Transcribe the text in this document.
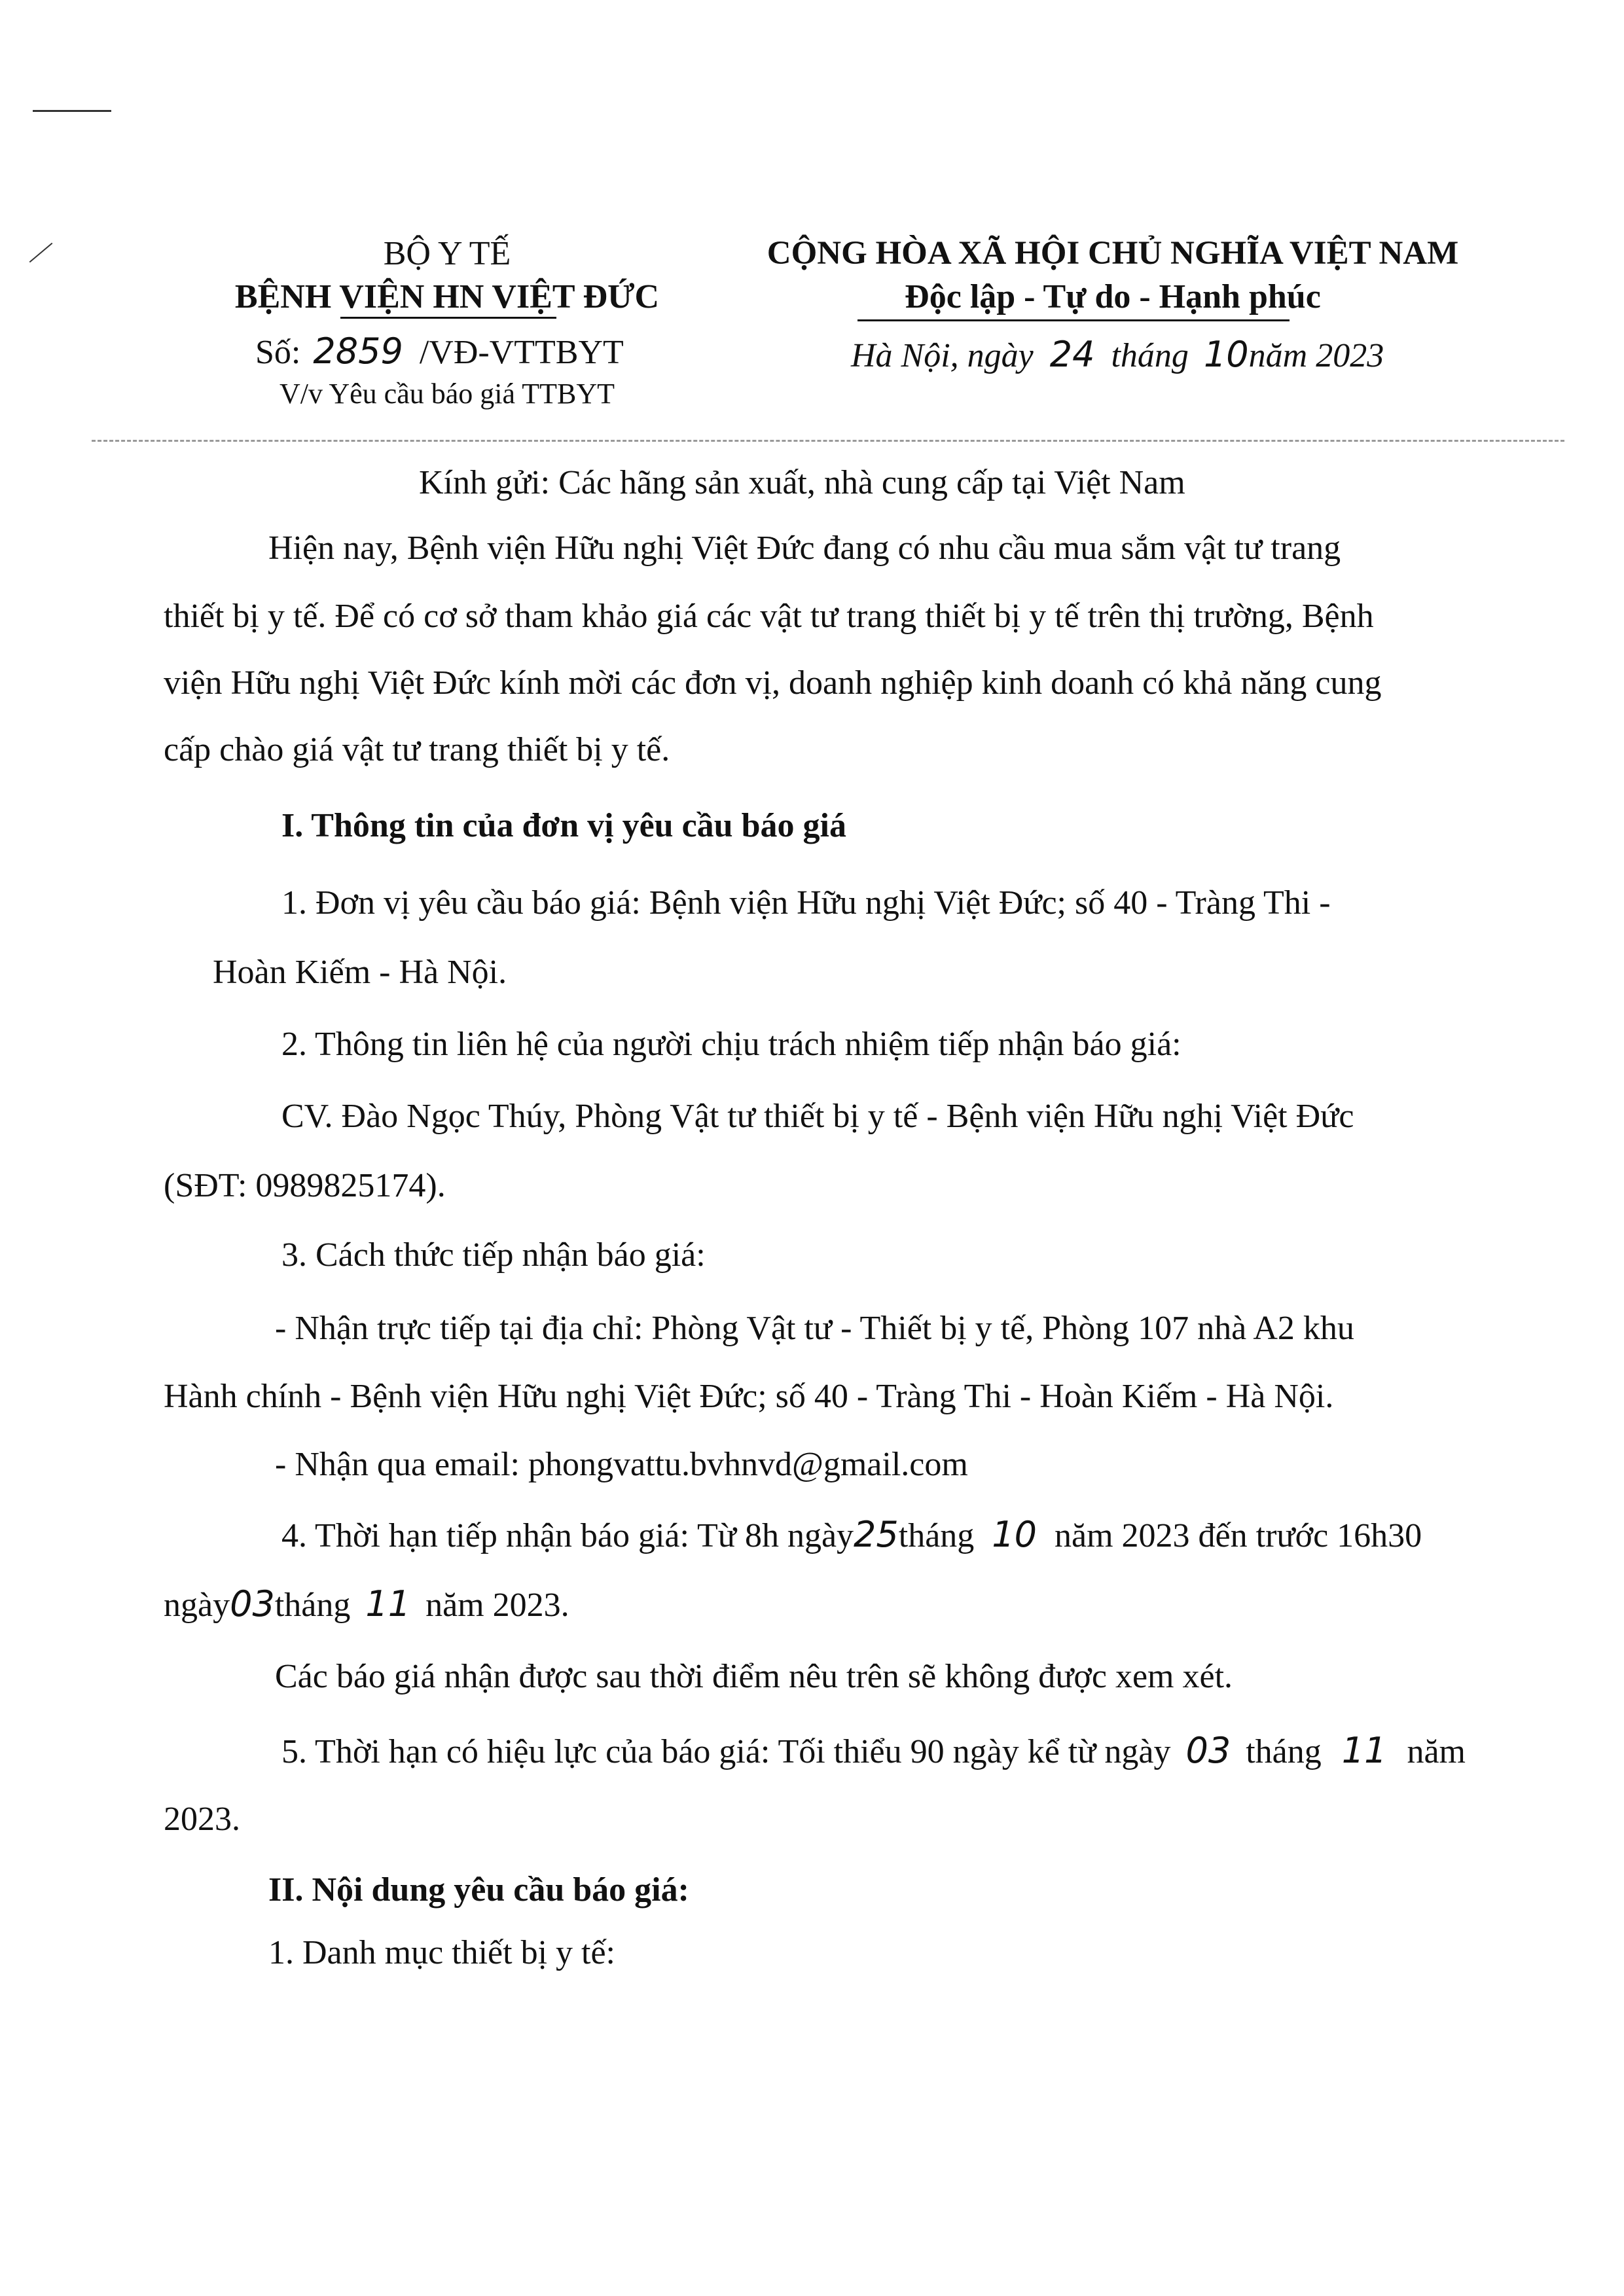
BỘ Y TẾ
BỆNH VIỆN HN VIỆT ĐỨC
Số: 2859 /VĐ-VTTBYT
V/v Yêu cầu báo giá TTBYT
CỘNG HÒA XÃ HỘI CHỦ NGHĨA VIỆT NAM
Độc lập - Tự do - Hạnh phúc
Hà Nội, ngày 24 tháng 10năm 2023
Kính gửi: Các hãng sản xuất, nhà cung cấp tại Việt Nam
Hiện nay, Bệnh viện Hữu nghị Việt Đức đang có nhu cầu mua sắm vật tư trang
thiết bị y tế. Để có cơ sở tham khảo giá các vật tư trang thiết bị y tế trên thị trường, Bệnh
viện Hữu nghị Việt Đức kính mời các đơn vị, doanh nghiệp kinh doanh có khả năng cung
cấp chào giá vật tư trang thiết bị y tế.
I. Thông tin của đơn vị yêu cầu báo giá
1. Đơn vị yêu cầu báo giá: Bệnh viện Hữu nghị Việt Đức; số 40 - Tràng Thi -
Hoàn Kiếm - Hà Nội.
2. Thông tin liên hệ của người chịu trách nhiệm tiếp nhận báo giá:
CV. Đào Ngọc Thúy, Phòng Vật tư thiết bị y tế - Bệnh viện Hữu nghị Việt Đức
(SĐT: 0989825174).
3. Cách thức tiếp nhận báo giá:
- Nhận trực tiếp tại địa chỉ: Phòng Vật tư - Thiết bị y tế, Phòng 107 nhà A2 khu
Hành chính - Bệnh viện Hữu nghị Việt Đức; số 40 - Tràng Thi - Hoàn Kiếm - Hà Nội.
- Nhận qua email: phongvattu.bvhnvd@gmail.com
4. Thời hạn tiếp nhận báo giá: Từ 8h ngày25tháng 10 năm 2023 đến trước 16h30
ngày03tháng 11 năm 2023.
Các báo giá nhận được sau thời điểm nêu trên sẽ không được xem xét.
5. Thời hạn có hiệu lực của báo giá: Tối thiểu 90 ngày kể từ ngày 03 tháng 11 năm
2023.
II. Nội dung yêu cầu báo giá:
1. Danh mục thiết bị y tế:
